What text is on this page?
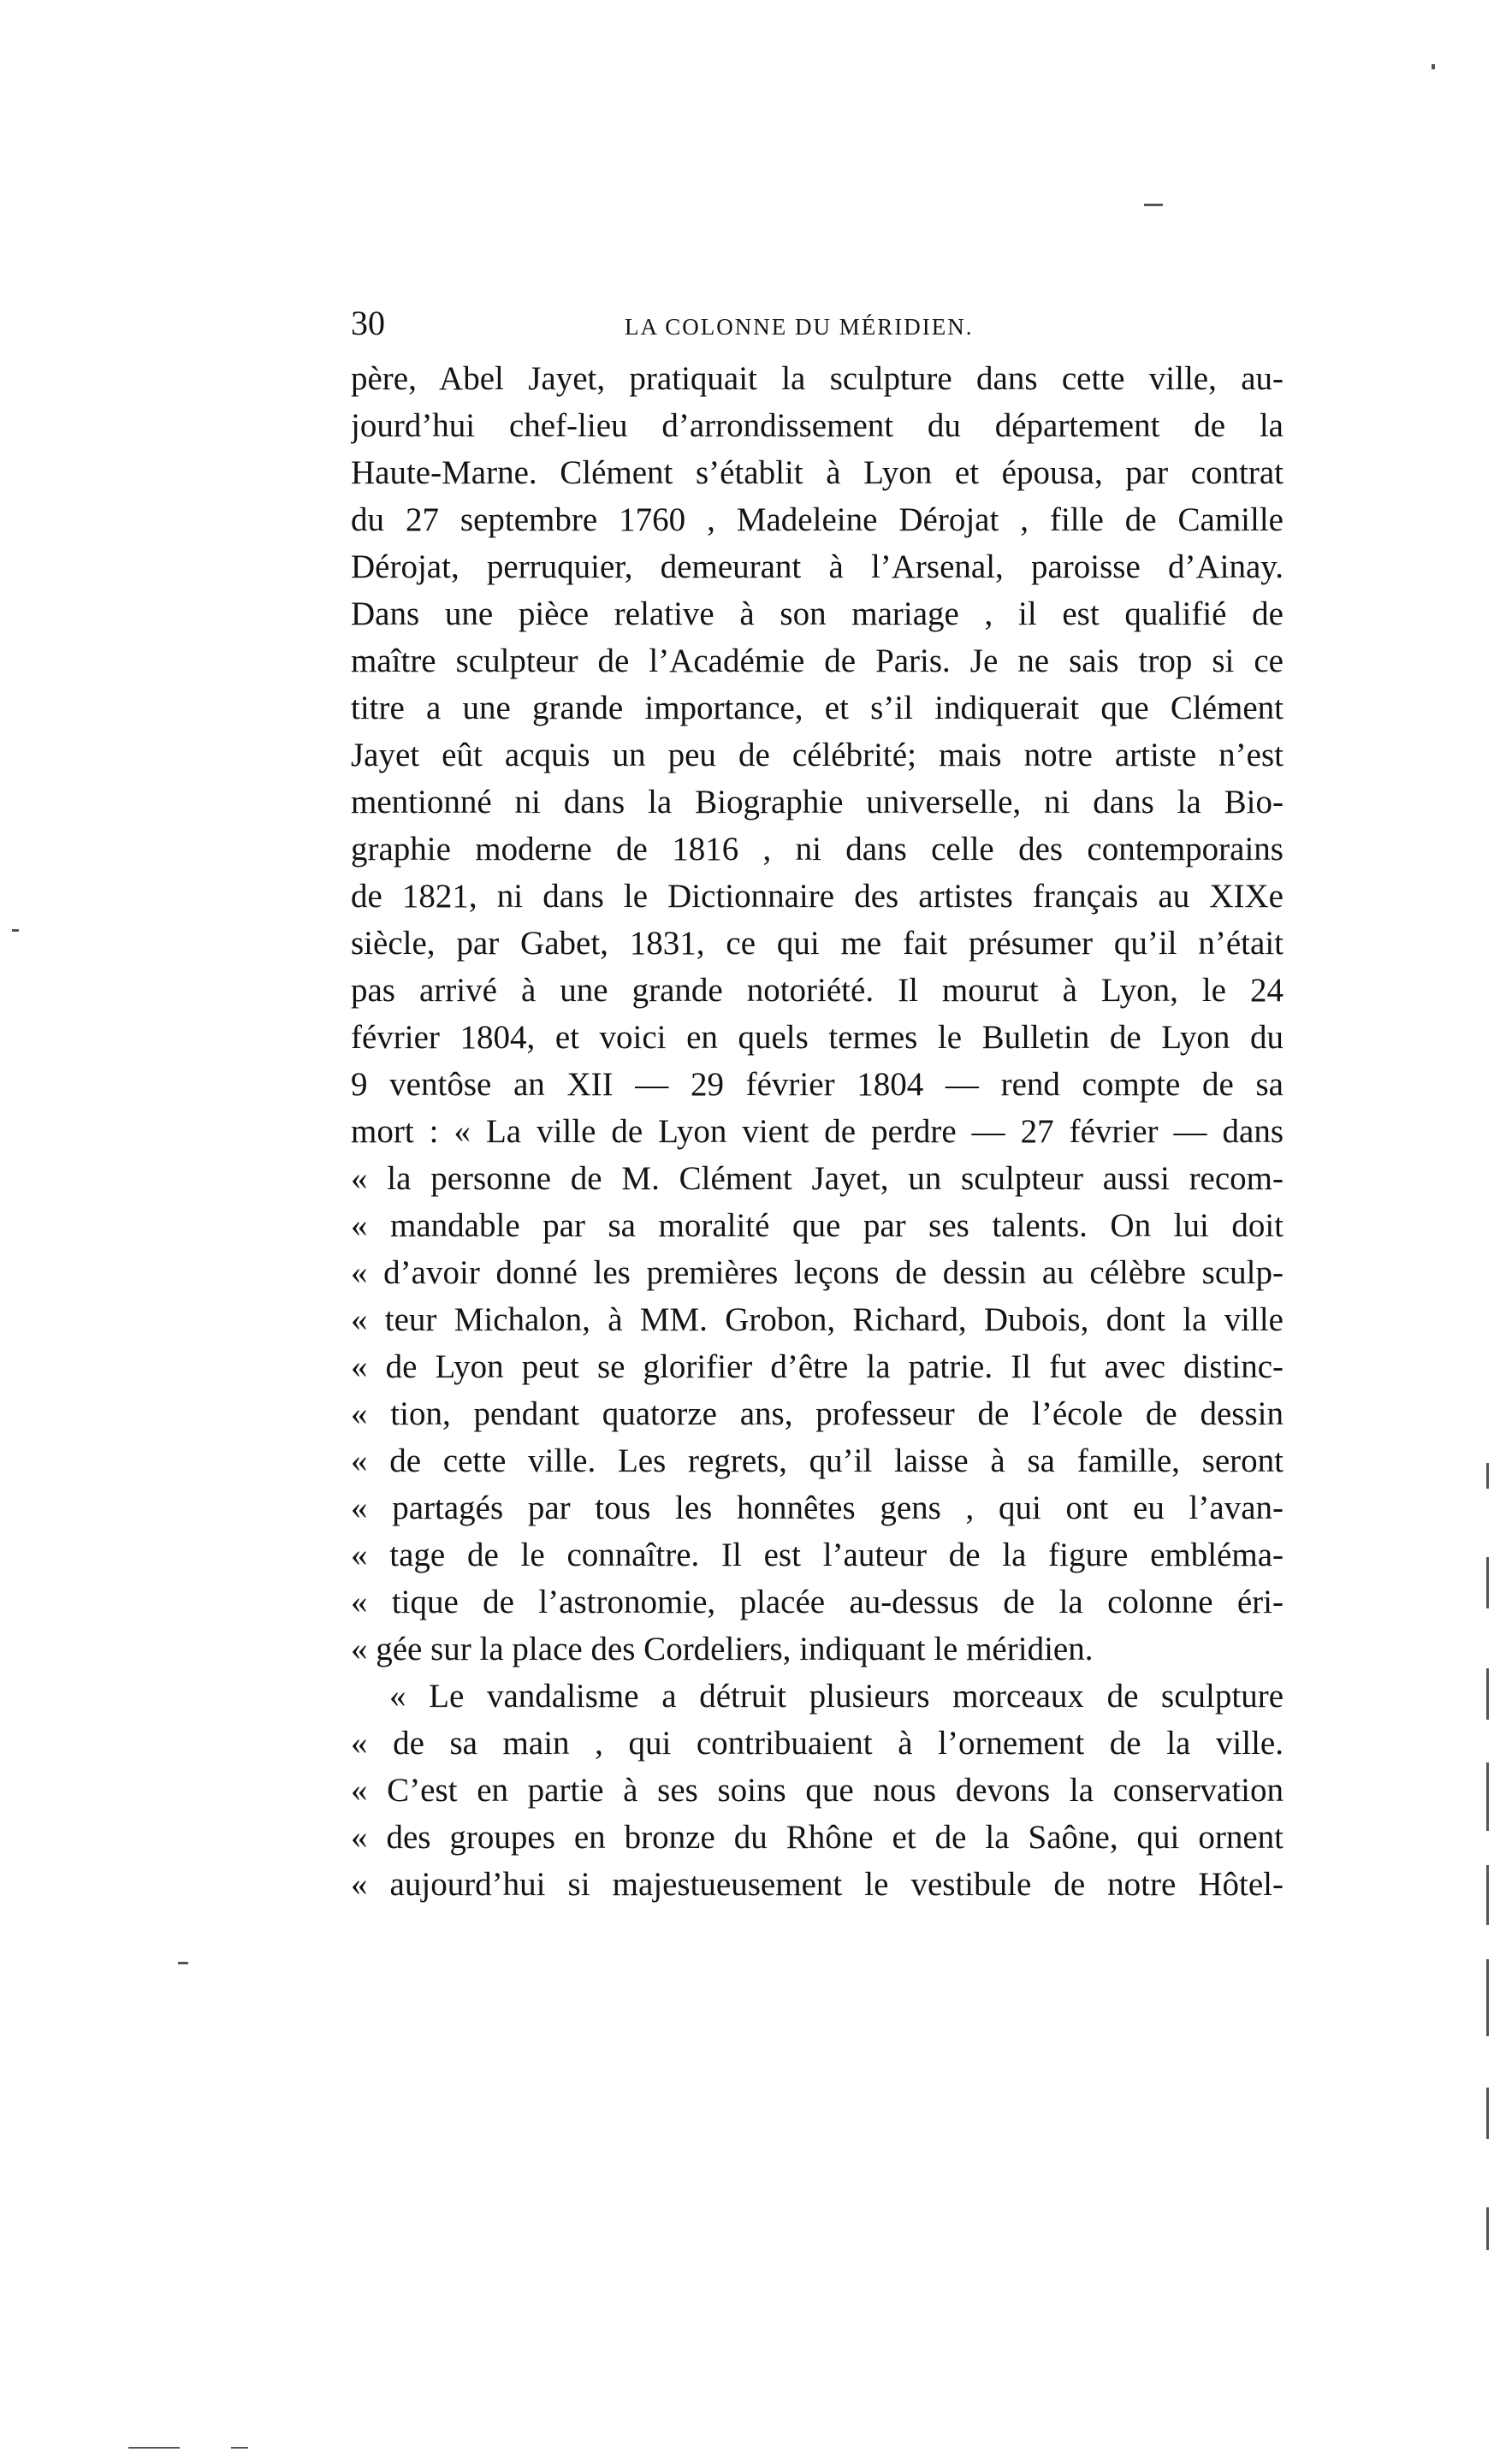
30	LA COLONNE DU MÉRIDIEN.
père, Abel Jayet, pratiquait la sculpture dans cette ville, au-
jourd’hui chef-lieu d’arrondissement du département de la
Haute-Marne. Clément s’établit à Lyon et épousa, par contrat
du 27 septembre 1760 , Madeleine Dérojat , fille de Camille
Dérojat, perruquier, demeurant à l’Arsenal, paroisse d’Ainay.
Dans une pièce relative à son mariage , il est qualifié de
maître sculpteur de l’Académie de Paris. Je ne sais trop si ce
titre a une grande importance, et s’il indiquerait que Clément
Jayet eût acquis un peu de célébrité; mais notre artiste n’est
mentionné ni dans la Biographie universelle, ni dans la Bio-
graphie moderne de 1816 , ni dans celle des contemporains
de 1821, ni dans le Dictionnaire des artistes français au XIXe
siècle, par Gabet, 1831, ce qui me fait présumer qu’il n’était
pas arrivé à une grande notoriété. Il mourut à Lyon, le 24
février 1804, et voici en quels termes le Bulletin de Lyon du
9 ventôse an XII — 29 février 1804 — rend compte de sa
mort : « La ville de Lyon vient de perdre — 27 février — dans
« la personne de M. Clément Jayet, un sculpteur aussi recom-
« mandable par sa moralité que par ses talents. On lui doit
« d’avoir donné les premières leçons de dessin au célèbre sculp-
« teur Michalon, à MM. Grobon, Richard, Dubois, dont la ville
« de Lyon peut se glorifier d’être la patrie. Il fut avec distinc-
« tion, pendant quatorze ans, professeur de l’école de dessin
« de cette ville. Les regrets, qu’il laisse à sa famille, seront
« partagés par tous les honnêtes gens , qui ont eu l’avan-
« tage de le connaître. Il est l’auteur de la figure embléma-
« tique de l’astronomie, placée au-dessus de la colonne éri-
« gée sur la place des Cordeliers, indiquant le méridien.
« Le vandalisme a détruit plusieurs morceaux de sculpture
« de sa main , qui contribuaient à l’ornement de la ville.
« C’est en partie à ses soins que nous devons la conservation
« des groupes en bronze du Rhône et de la Saône, qui ornent
« aujourd’hui si majestueusement le vestibule de notre Hôtel-
